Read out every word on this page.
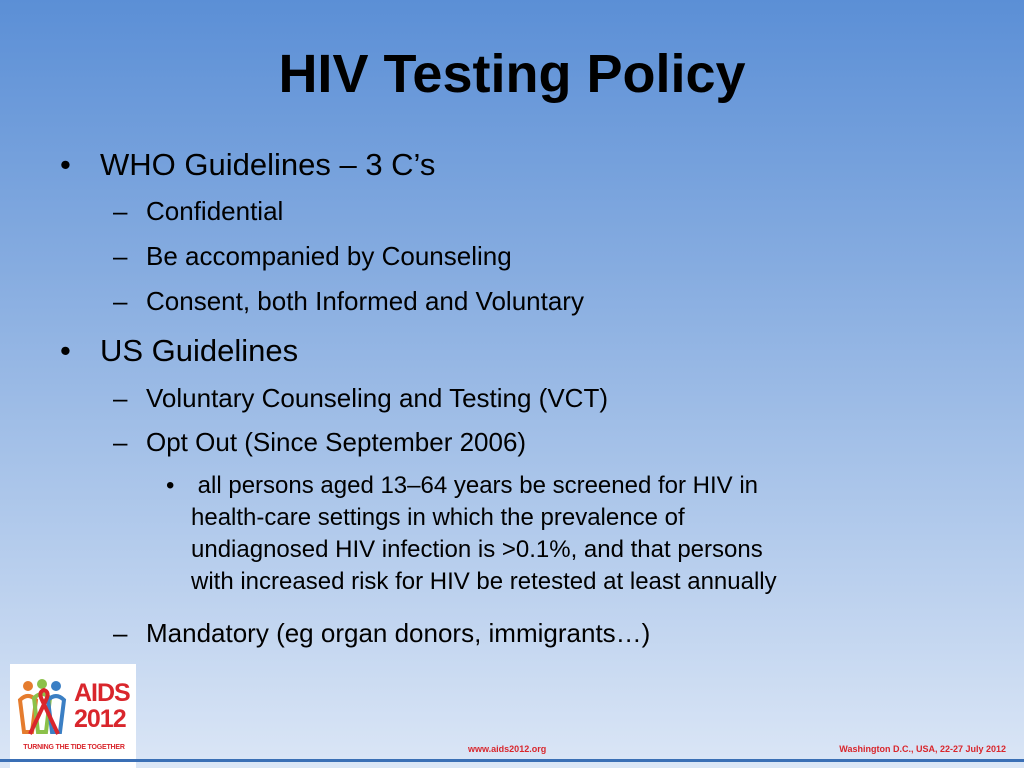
HIV Testing Policy
• WHO Guidelines – 3 C’s
– Confidential
– Be accompanied by Counseling
– Consent, both Informed and Voluntary
• US Guidelines
– Voluntary Counseling and Testing (VCT)
– Opt Out (Since September 2006)
• all persons aged 13–64 years be screened for HIV in
health-care settings in which the prevalence of
undiagnosed HIV infection is >0.1%, and that persons
with increased risk for HIV be retested at least annually
– Mandatory (eg organ donors, immigrants…)
AIDS
2012
TURNING THE TIDE TOGETHER	www.aids2012.org	Washington D.C., USA, 22-27 July 2012
